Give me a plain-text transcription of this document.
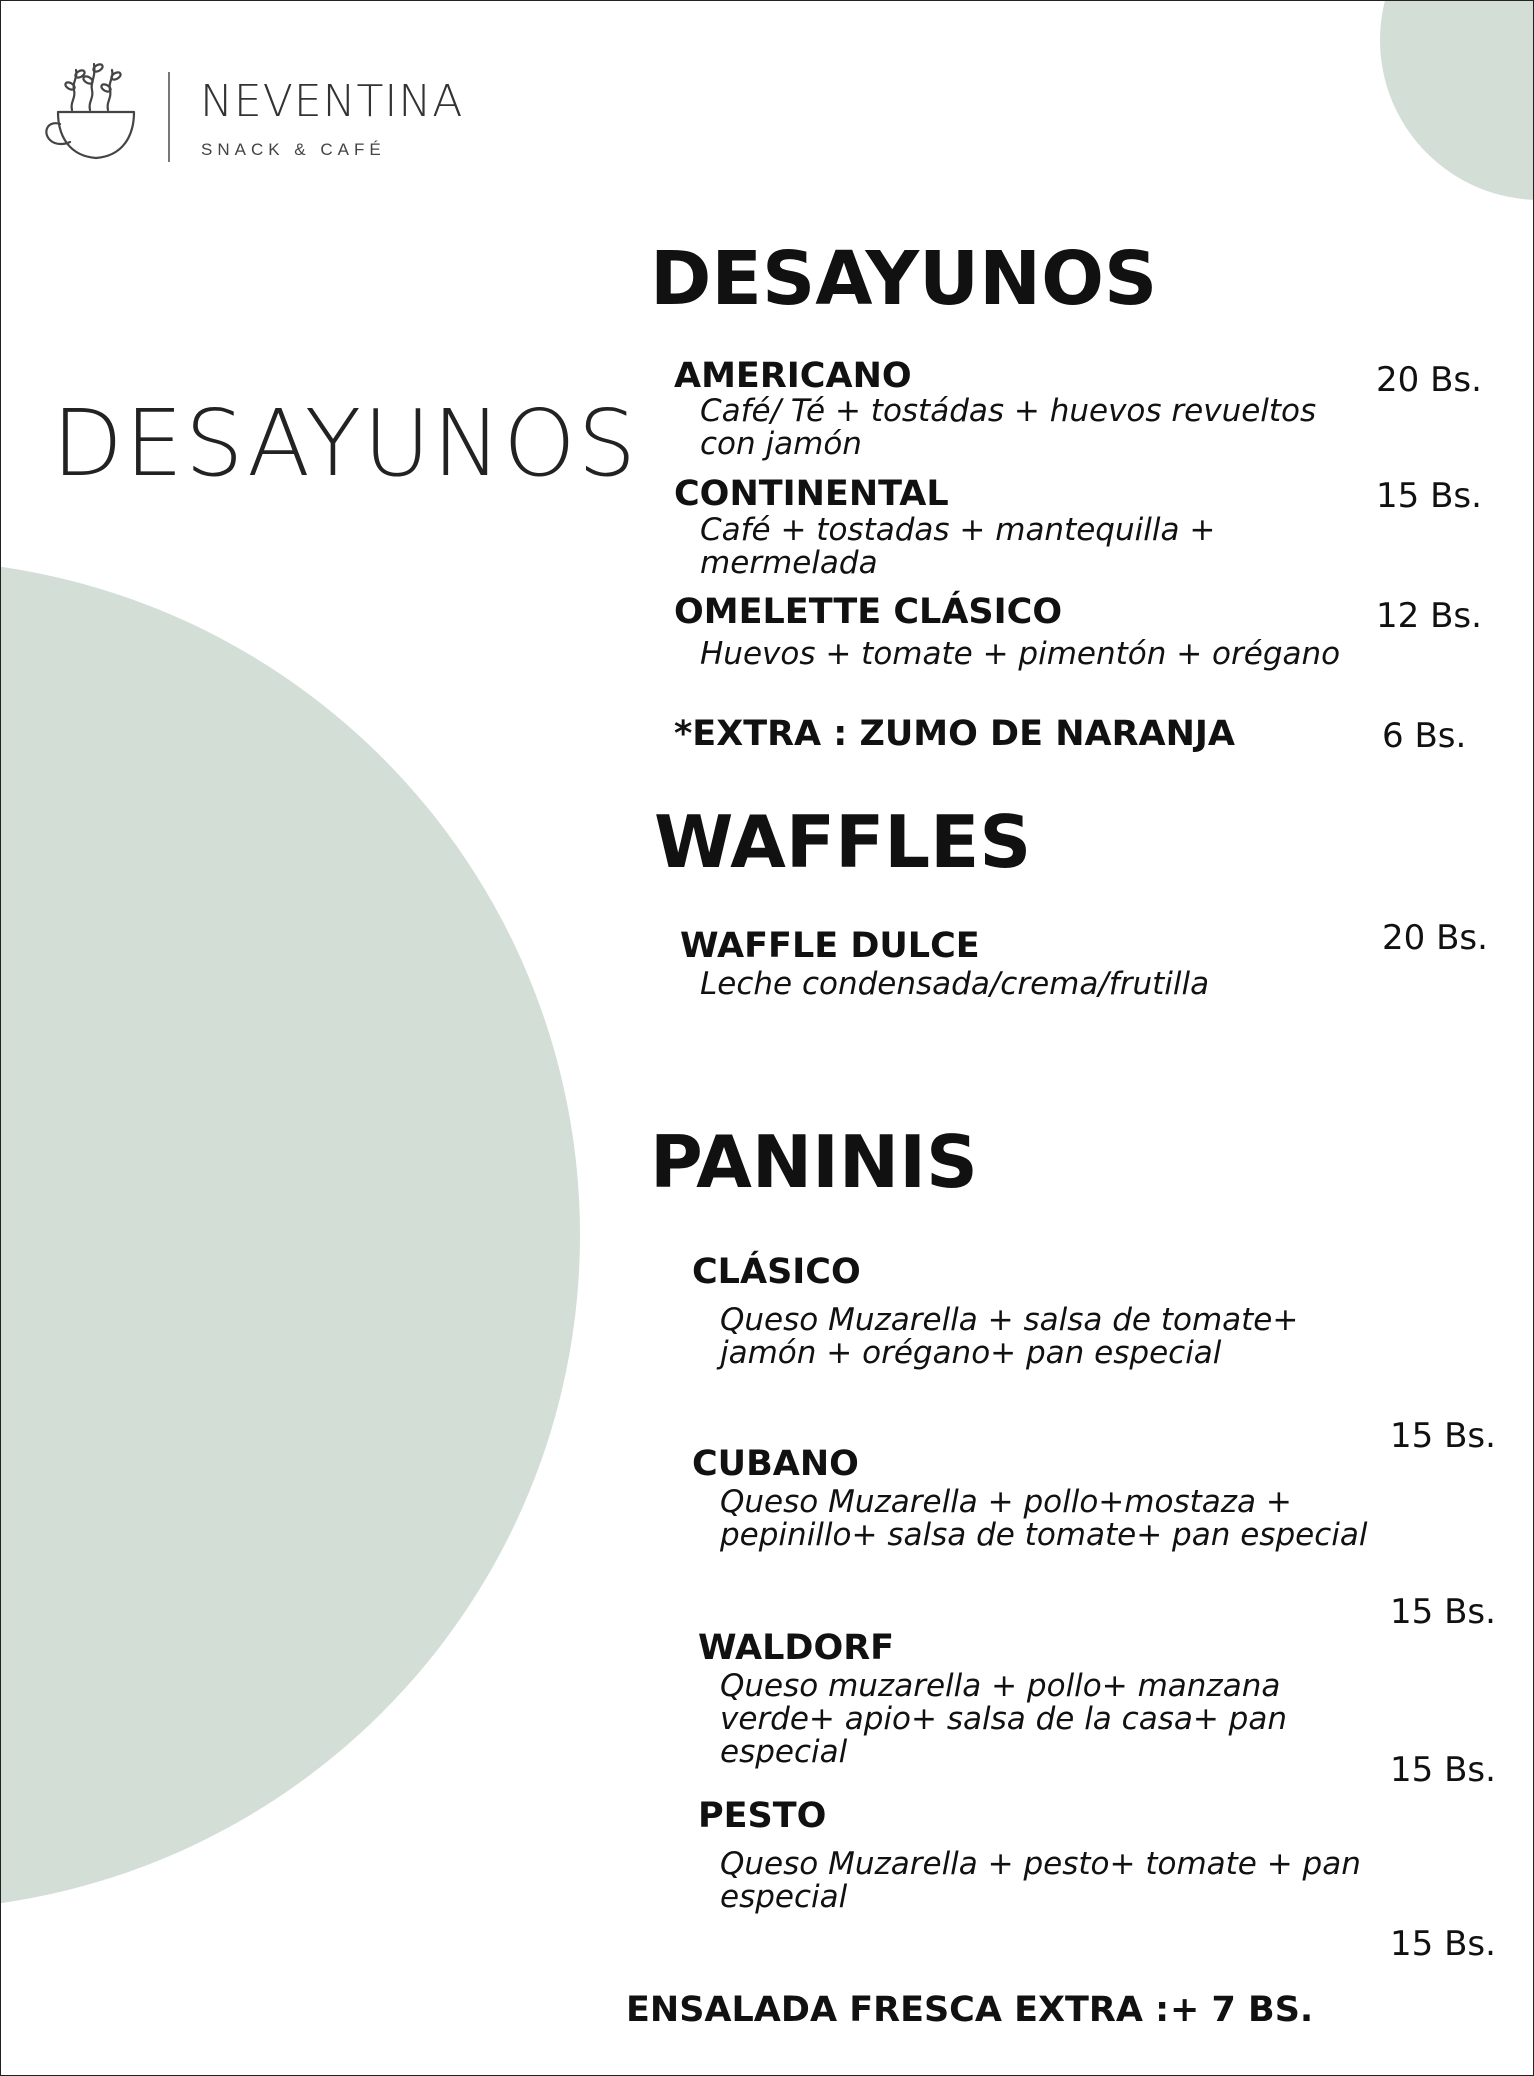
NEVENTINA
SNACK & CAFÉ
DESAYUNOS
DESAYUNOS
AMERICANO
Café/ Té + tostádas + huevos revueltos
con jamón
20 Bs.
CONTINENTAL
Café + tostadas + mantequilla +
mermelada
15 Bs.
OMELETTE CLÁSICO
Huevos + tomate + pimentón + orégano
12 Bs.
*EXTRA : ZUMO DE NARANJA	6 Bs.
WAFFLES
WAFFLE DULCE
Leche condensada/crema/frutilla
20 Bs.
PANINIS
CLÁSICO
Queso Muzarella + salsa de tomate+
jamón + orégano+ pan especial
15 Bs.
CUBANO
Queso Muzarella + pollo+mostaza +
pepinillo+ salsa de tomate+ pan especial
15 Bs.
WALDORF
Queso muzarella + pollo+ manzana
verde+ apio+ salsa de la casa+ pan
especial	15 Bs.
PESTO
Queso Muzarella + pesto+ tomate + pan
especial
15 Bs.
ENSALADA FRESCA EXTRA : + 7 BS.
